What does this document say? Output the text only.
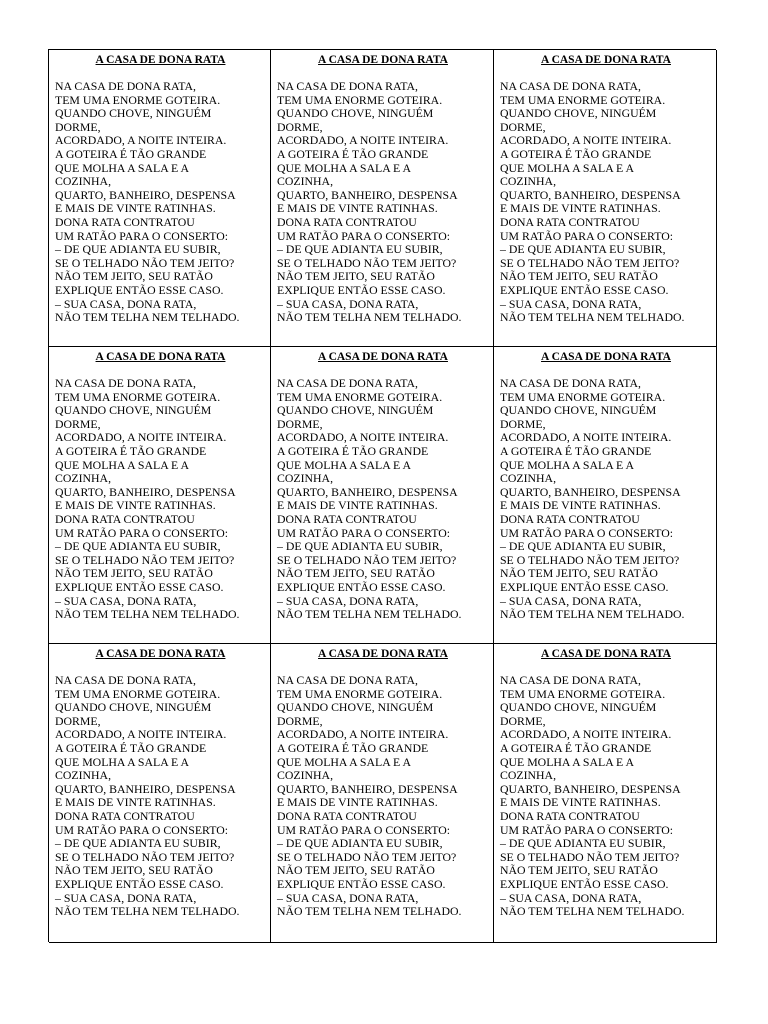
A CASA DE DONA RATA
NA CASA DE DONA RATA,
TEM UMA ENORME GOTEIRA.
QUANDO CHOVE, NINGUÉM
DORME,
ACORDADO, A NOITE INTEIRA.
A GOTEIRA É TÃO GRANDE
QUE MOLHA A SALA E A
COZINHA,
QUARTO, BANHEIRO, DESPENSA
E MAIS DE VINTE RATINHAS.
DONA RATA CONTRATOU
UM RATÃO PARA O CONSERTO:
– DE QUE ADIANTA EU SUBIR,
SE O TELHADO NÃO TEM JEITO?
NÃO TEM JEITO, SEU RATÃO
EXPLIQUE ENTÃO ESSE CASO.
– SUA CASA, DONA RATA,
NÃO TEM TELHA NEM TELHADO.
A CASA DE DONA RATA
NA CASA DE DONA RATA,
TEM UMA ENORME GOTEIRA.
QUANDO CHOVE, NINGUÉM
DORME,
ACORDADO, A NOITE INTEIRA.
A GOTEIRA É TÃO GRANDE
QUE MOLHA A SALA E A
COZINHA,
QUARTO, BANHEIRO, DESPENSA
E MAIS DE VINTE RATINHAS.
DONA RATA CONTRATOU
UM RATÃO PARA O CONSERTO:
– DE QUE ADIANTA EU SUBIR,
SE O TELHADO NÃO TEM JEITO?
NÃO TEM JEITO, SEU RATÃO
EXPLIQUE ENTÃO ESSE CASO.
– SUA CASA, DONA RATA,
NÃO TEM TELHA NEM TELHADO.
A CASA DE DONA RATA
NA CASA DE DONA RATA,
TEM UMA ENORME GOTEIRA.
QUANDO CHOVE, NINGUÉM
DORME,
ACORDADO, A NOITE INTEIRA.
A GOTEIRA É TÃO GRANDE
QUE MOLHA A SALA E A
COZINHA,
QUARTO, BANHEIRO, DESPENSA
E MAIS DE VINTE RATINHAS.
DONA RATA CONTRATOU
UM RATÃO PARA O CONSERTO:
– DE QUE ADIANTA EU SUBIR,
SE O TELHADO NÃO TEM JEITO?
NÃO TEM JEITO, SEU RATÃO
EXPLIQUE ENTÃO ESSE CASO.
– SUA CASA, DONA RATA,
NÃO TEM TELHA NEM TELHADO.
A CASA DE DONA RATA
NA CASA DE DONA RATA,
TEM UMA ENORME GOTEIRA.
QUANDO CHOVE, NINGUÉM
DORME,
ACORDADO, A NOITE INTEIRA.
A GOTEIRA É TÃO GRANDE
QUE MOLHA A SALA E A
COZINHA,
QUARTO, BANHEIRO, DESPENSA
E MAIS DE VINTE RATINHAS.
DONA RATA CONTRATOU
UM RATÃO PARA O CONSERTO:
– DE QUE ADIANTA EU SUBIR,
SE O TELHADO NÃO TEM JEITO?
NÃO TEM JEITO, SEU RATÃO
EXPLIQUE ENTÃO ESSE CASO.
– SUA CASA, DONA RATA,
NÃO TEM TELHA NEM TELHADO.
A CASA DE DONA RATA
NA CASA DE DONA RATA,
TEM UMA ENORME GOTEIRA.
QUANDO CHOVE, NINGUÉM
DORME,
ACORDADO, A NOITE INTEIRA.
A GOTEIRA É TÃO GRANDE
QUE MOLHA A SALA E A
COZINHA,
QUARTO, BANHEIRO, DESPENSA
E MAIS DE VINTE RATINHAS.
DONA RATA CONTRATOU
UM RATÃO PARA O CONSERTO:
– DE QUE ADIANTA EU SUBIR,
SE O TELHADO NÃO TEM JEITO?
NÃO TEM JEITO, SEU RATÃO
EXPLIQUE ENTÃO ESSE CASO.
– SUA CASA, DONA RATA,
NÃO TEM TELHA NEM TELHADO.
A CASA DE DONA RATA
NA CASA DE DONA RATA,
TEM UMA ENORME GOTEIRA.
QUANDO CHOVE, NINGUÉM
DORME,
ACORDADO, A NOITE INTEIRA.
A GOTEIRA É TÃO GRANDE
QUE MOLHA A SALA E A
COZINHA,
QUARTO, BANHEIRO, DESPENSA
E MAIS DE VINTE RATINHAS.
DONA RATA CONTRATOU
UM RATÃO PARA O CONSERTO:
– DE QUE ADIANTA EU SUBIR,
SE O TELHADO NÃO TEM JEITO?
NÃO TEM JEITO, SEU RATÃO
EXPLIQUE ENTÃO ESSE CASO.
– SUA CASA, DONA RATA,
NÃO TEM TELHA NEM TELHADO.
A CASA DE DONA RATA
NA CASA DE DONA RATA,
TEM UMA ENORME GOTEIRA.
QUANDO CHOVE, NINGUÉM
DORME,
ACORDADO, A NOITE INTEIRA.
A GOTEIRA É TÃO GRANDE
QUE MOLHA A SALA E A
COZINHA,
QUARTO, BANHEIRO, DESPENSA
E MAIS DE VINTE RATINHAS.
DONA RATA CONTRATOU
UM RATÃO PARA O CONSERTO:
– DE QUE ADIANTA EU SUBIR,
SE O TELHADO NÃO TEM JEITO?
NÃO TEM JEITO, SEU RATÃO
EXPLIQUE ENTÃO ESSE CASO.
– SUA CASA, DONA RATA,
NÃO TEM TELHA NEM TELHADO.
A CASA DE DONA RATA
NA CASA DE DONA RATA,
TEM UMA ENORME GOTEIRA.
QUANDO CHOVE, NINGUÉM
DORME,
ACORDADO, A NOITE INTEIRA.
A GOTEIRA É TÃO GRANDE
QUE MOLHA A SALA E A
COZINHA,
QUARTO, BANHEIRO, DESPENSA
E MAIS DE VINTE RATINHAS.
DONA RATA CONTRATOU
UM RATÃO PARA O CONSERTO:
– DE QUE ADIANTA EU SUBIR,
SE O TELHADO NÃO TEM JEITO?
NÃO TEM JEITO, SEU RATÃO
EXPLIQUE ENTÃO ESSE CASO.
– SUA CASA, DONA RATA,
NÃO TEM TELHA NEM TELHADO.
A CASA DE DONA RATA
NA CASA DE DONA RATA,
TEM UMA ENORME GOTEIRA.
QUANDO CHOVE, NINGUÉM
DORME,
ACORDADO, A NOITE INTEIRA.
A GOTEIRA É TÃO GRANDE
QUE MOLHA A SALA E A
COZINHA,
QUARTO, BANHEIRO, DESPENSA
E MAIS DE VINTE RATINHAS.
DONA RATA CONTRATOU
UM RATÃO PARA O CONSERTO:
– DE QUE ADIANTA EU SUBIR,
SE O TELHADO NÃO TEM JEITO?
NÃO TEM JEITO, SEU RATÃO
EXPLIQUE ENTÃO ESSE CASO.
– SUA CASA, DONA RATA,
NÃO TEM TELHA NEM TELHADO.
